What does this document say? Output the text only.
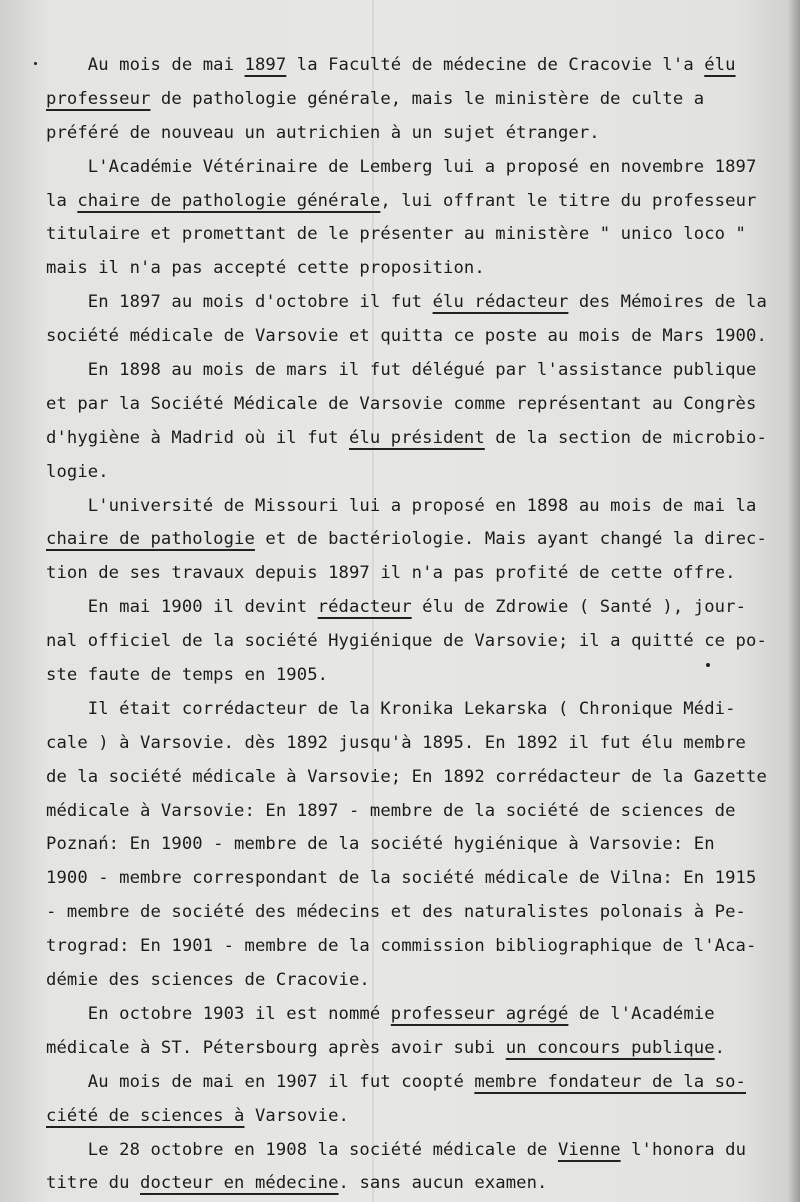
Au mois de mai 1897 la Faculté de médecine de Cracovie l'a élu
professeur de pathologie générale, mais le ministère de culte a
préféré de nouveau un autrichien à un sujet étranger.
L'Académie Vétérinaire de Lemberg lui a proposé en novembre 1897
la chaire de pathologie générale, lui offrant le titre du professeur
titulaire et promettant de le présenter au ministère " unico loco "
mais il n'a pas accepté cette proposition.
En 1897 au mois d'octobre il fut élu rédacteur des Mémoires de la
société médicale de Varsovie et quitta ce poste au mois de Mars 1900.
En 1898 au mois de mars il fut délégué par l'assistance publique
et par la Société Médicale de Varsovie comme représentant au Congrès
d'hygiène à Madrid où il fut élu président de la section de microbio-
logie.
L'université de Missouri lui a proposé en 1898 au mois de mai la
chaire de pathologie et de bactériologie. Mais ayant changé la direc-
tion de ses travaux depuis 1897 il n'a pas profité de cette offre.
En mai 1900 il devint rédacteur élu de Zdrowie ( Santé ), jour-
nal officiel de la société Hygiénique de Varsovie; il a quitté ce po-
ste faute de temps en 1905.
Il était corrédacteur de la Kronika Lekarska ( Chronique Médi-
cale ) à Varsovie. dès 1892 jusqu'à 1895. En 1892 il fut élu membre
de la société médicale à Varsovie; En 1892 corrédacteur de la Gazette
médicale à Varsovie: En 1897 - membre de la société de sciences de
Poznań: En 1900 - membre de la société hygiénique à Varsovie: En
1900 - membre correspondant de la société médicale de Vilna: En 1915
- membre de société des médecins et des naturalistes polonais à Pe-
trograd: En 1901 - membre de la commission bibliographique de l'Aca-
démie des sciences de Cracovie.
En octobre 1903 il est nommé professeur agrégé de l'Académie
médicale à ST. Pétersbourg après avoir subi un concours publique.
Au mois de mai en 1907 il fut coopté membre fondateur de la so-
ciété de sciences à Varsovie.
Le 28 octobre en 1908 la société médicale de Vienne l'honora du
titre du docteur en médecine. sans aucun examen.
